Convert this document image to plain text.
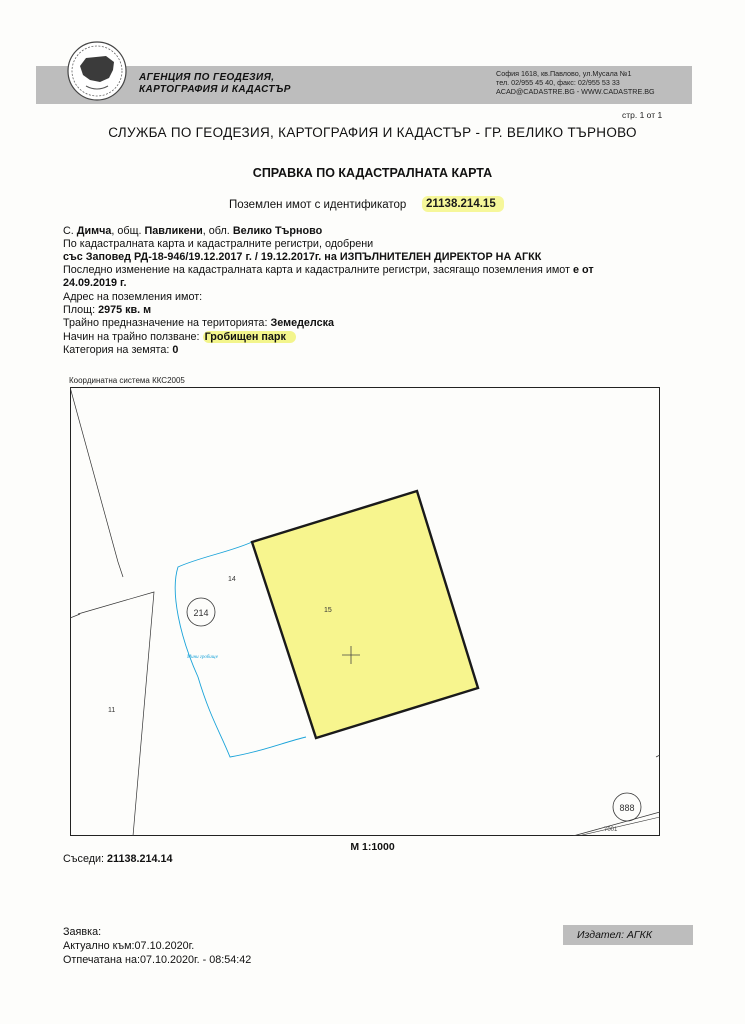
АГЕНЦИЯ ПО ГЕОДЕЗИЯ,
КАРТОГРАФИЯ И КАДАСТЪР
София 1618, кв.Павлово, ул.Мусала №1
тел. 02/955 45 40, факс: 02/955 53 33
ACAD@CADASTRE.BG - WWW.CADASTRE.BG
стр. 1 от 1
СЛУЖБА ПО ГЕОДЕЗИЯ, КАРТОГРАФИЯ И КАДАСТЪР - ГР. ВЕЛИКО ТЪРНОВО
СПРАВКА ПО КАДАСТРАЛНАТА КАРТА
Поземлен имот с идентификатор	21138.214.15
С. Димча, общ. Павликени, обл. Велико Търново
По кадастралната карта и кадастралните регистри, одобрени
със Заповед РД-18-946/19.12.2017 г. / 19.12.2017г. на ИЗПЪЛНИТЕЛЕН ДИРЕКТОР НА АГКК
Последно изменение на кадастралната карта и кадастралните регистри, засягащо поземления имот е от
24.09.2019 г.
Адрес на поземления имот:
Площ: 2975 кв. м
Трайно предназначение на територията: Земеделска
Начин на трайно ползване: Гробищен парк
Категория на земята: 0
Координатна система ККС2005
15
14
11
214
Мини гробище
888
7001
М 1:1000
Съседи: 21138.214.14
Издател: АГКК
Заявка:
Актуално към:07.10.2020г.
Отпечатана на:07.10.2020г. - 08:54:42
